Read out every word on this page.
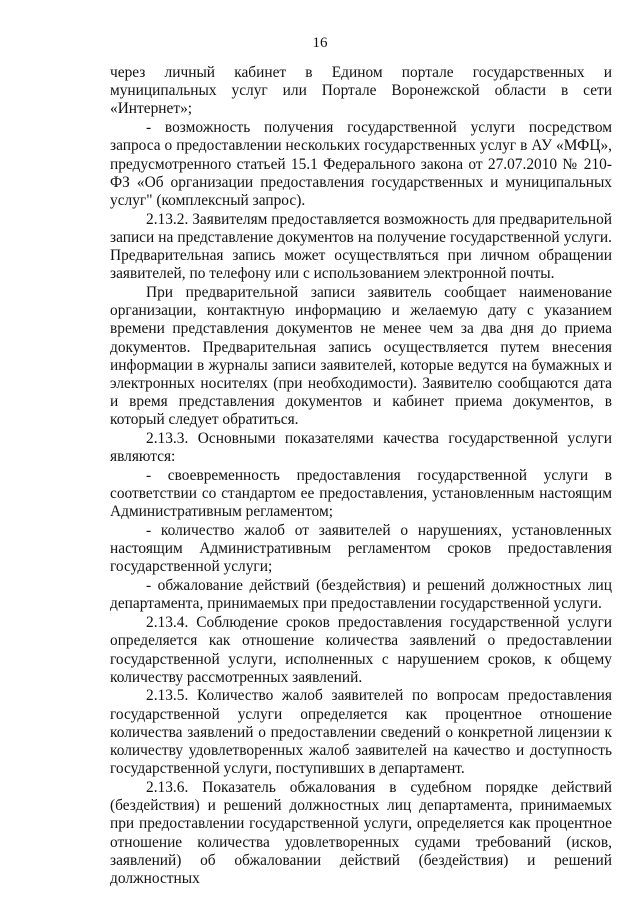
16

через личный кабинет в Едином портале государственных и муниципальных услуг или Портале Воронежской области в сети «Интернет»;

- возможность получения государственной услуги посредством запроса о предоставлении нескольких государственных услуг в АУ «МФЦ», предусмотренного статьей 15.1 Федерального закона от 27.07.2010 № 210-ФЗ «Об организации предоставления государственных и муниципальных услуг" (комплексный запрос).

2.13.2. Заявителям предоставляется возможность для предварительной записи на представление документов на получение государственной услуги. Предварительная запись может осуществляться при личном обращении заявителей, по телефону или с использованием электронной почты.

При предварительной записи заявитель сообщает наименование организации, контактную информацию и желаемую дату с указанием времени представления документов не менее чем за два дня до приема документов. Предварительная запись осуществляется путем внесения информации в журналы записи заявителей, которые ведутся на бумажных и электронных носителях (при необходимости). Заявителю сообщаются дата и время представления документов и кабинет приема документов, в который следует обратиться.

2.13.3. Основными показателями качества государственной услуги являются:

- своевременность предоставления государственной услуги в соответствии со стандартом ее предоставления, установленным настоящим Административным регламентом;

- количество жалоб от заявителей о нарушениях, установленных настоящим Административным регламентом сроков предоставления государственной услуги;

- обжалование действий (бездействия) и решений должностных лиц департамента, принимаемых при предоставлении государственной услуги.

2.13.4. Соблюдение сроков предоставления государственной услуги определяется как отношение количества заявлений о предоставлении государственной услуги, исполненных с нарушением сроков, к общему количеству рассмотренных заявлений.

2.13.5. Количество жалоб заявителей по вопросам предоставления государственной услуги определяется как процентное отношение количества заявлений о предоставлении сведений о конкретной лицензии к количеству удовлетворенных жалоб заявителей на качество и доступность государственной услуги, поступивших в департамент.

2.13.6. Показатель обжалования в судебном порядке действий (бездействия) и решений должностных лиц департамента, принимаемых при предоставлении государственной услуги, определяется как процентное отношение количества удовлетворенных судами требований (исков, заявлений) об обжаловании действий (бездействия) и решений должностных
